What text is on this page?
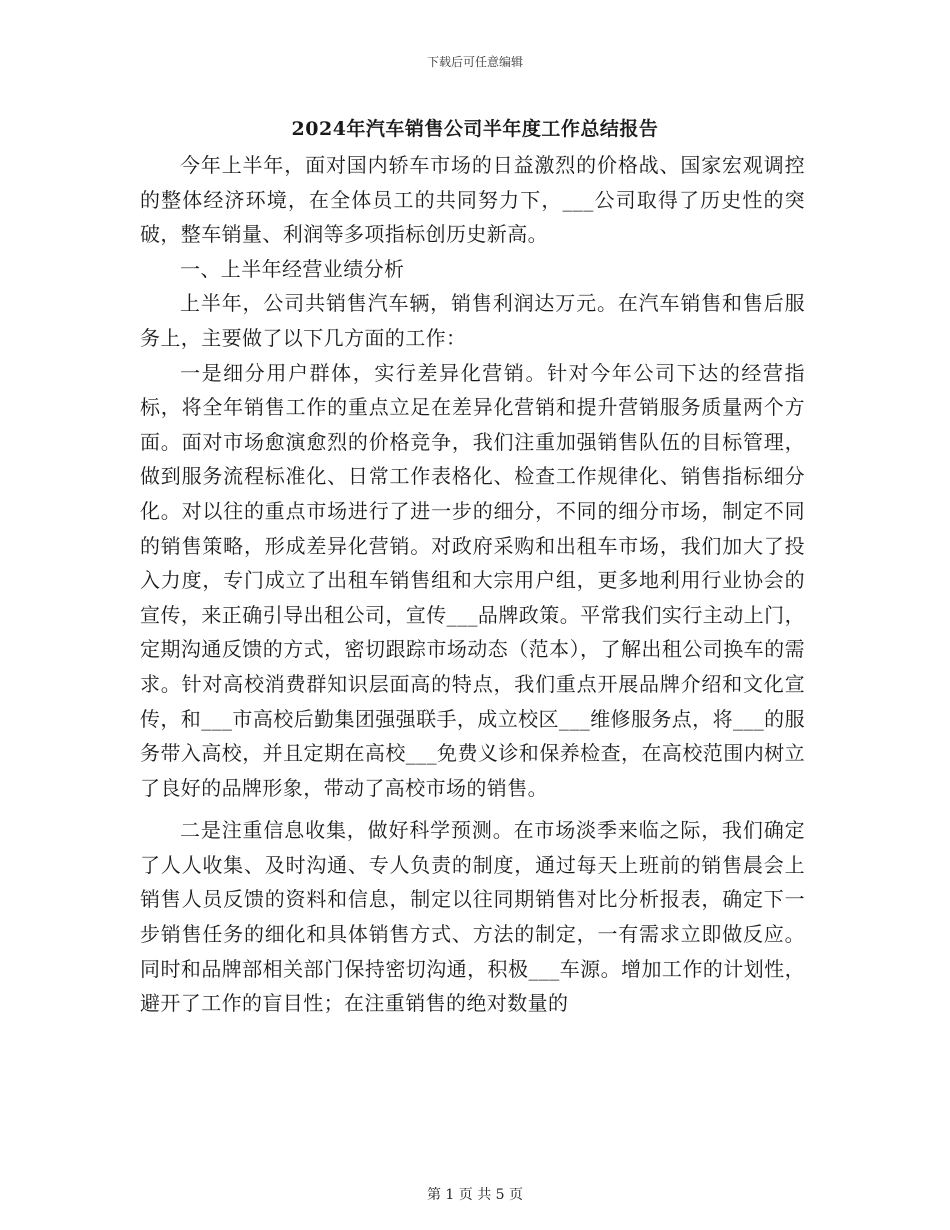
下载后可任意编辑
2024年汽车销售公司半年度工作总结报告

今年上半年，面对国内轿车市场的日益激烈的价格战、国家宏观调控的整体经济环境，在全体员工的共同努力下，___公司取得了历史性的突破，整车销量、利润等多项指标创历史新高。

一、上半年经营业绩分析

上半年，公司共销售汽车辆，销售利润达万元。在汽车销售和售后服务上，主要做了以下几方面的工作：

一是细分用户群体，实行差异化营销。针对今年公司下达的经营指标，将全年销售工作的重点立足在差异化营销和提升营销服务质量两个方面。面对市场愈演愈烈的价格竞争，我们注重加强销售队伍的目标管理，做到服务流程标准化、日常工作表格化、检查工作规律化、销售指标细分化。对以往的重点市场进行了进一步的细分，不同的细分市场，制定不同的销售策略，形成差异化营销。对政府采购和出租车市场，我们加大了投入力度，专门成立了出租车销售组和大宗用户组，更多地利用行业协会的宣传，来正确引导出租公司，宣传___品牌政策。平常我们实行主动上门，定期沟通反馈的方式，密切跟踪市场动态（范本），了解出租公司换车的需求。针对高校消费群知识层面高的特点，我们重点开展品牌介绍和文化宣传，和___市高校后勤集团强强联手，成立校区___维修服务点，将___的服务带入高校，并且定期在高校___免费义诊和保养检查，在高校范围内树立了良好的品牌形象，带动了高校市场的销售。

二是注重信息收集，做好科学预测。在市场淡季来临之际，我们确定了人人收集、及时沟通、专人负责的制度，通过每天上班前的销售晨会上销售人员反馈的资料和信息，制定以往同期销售对比分析报表，确定下一步销售任务的细化和具体销售方式、方法的制定，一有需求立即做反应。同时和品牌部相关部门保持密切沟通，积极___车源。增加工作的计划性，避开了工作的盲目性；在注重销售的绝对数量的

第 1 页 共 5 页
